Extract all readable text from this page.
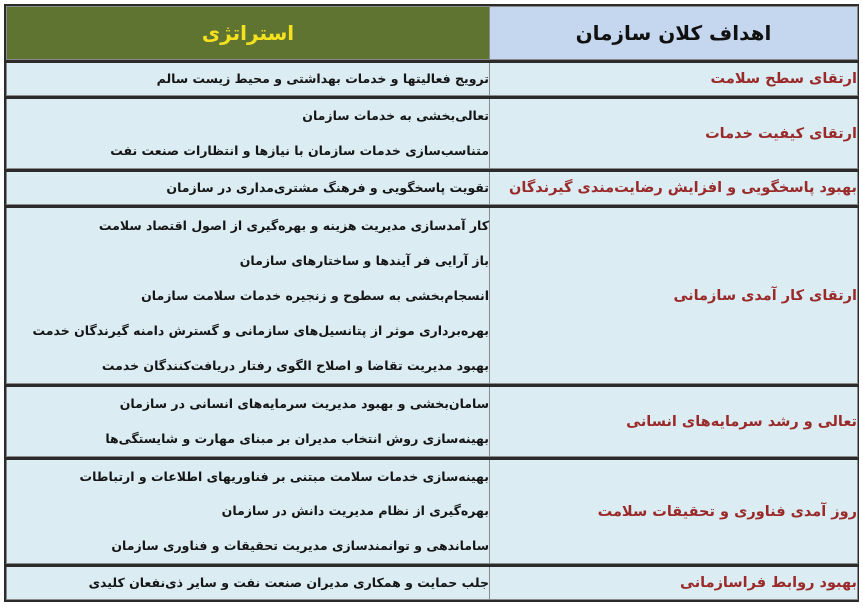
اهداف کلان سازمان	استراتژی

ارتقای سطح سلامت	ترویج فعالیتها و خدمات بهداشتی و محیط زیست سالم

ارتقای کیفیت خدمات	تعالی‌بخشی به خدمات سازمان
متناسب‌سازی خدمات سازمان با نیازها و انتظارات صنعت نفت

بهبود پاسخگویی و افزایش رضایت‌مندی گیرندگان	تقویت پاسخگویی و فرهنگ مشتری‌مداری در سازمان

ارتقای کار آمدی سازمانی	کار آمدسازی مدیریت هزینه و بهره‌گیری از اصول اقتصاد سلامت
باز آرایی فر آیندها و ساختارهای سازمان
انسجام‌بخشی به سطوح و زنجیره خدمات سلامت سازمان
بهره‌برداری موثر از پتانسیل‌های سازمانی و گسترش دامنه گیرندگان خدمت
بهبود مدیریت تقاضا و اصلاح الگوی رفتار دریافت‌کنندگان خدمت

تعالی و رشد سرمایه‌های انسانی	سامان‌بخشی و بهبود مدیریت سرمایه‌های انسانی در سازمان
بهینه‌سازی روش انتخاب مدیران بر مبنای مهارت و شایستگی‌ها

روز آمدی فناوری و تحقیقات سلامت	بهینه‌سازی خدمات سلامت مبتنی بر فناوریهای اطلاعات و ارتباطات
بهره‌گیری از نظام مدیریت دانش در سازمان
ساماندهی و توانمندسازی مدیریت تحقیقات و فناوری سازمان

بهبود روابط فراسازمانی	جلب حمایت و همکاری مدیران صنعت نفت و سایر ذی‌نفعان کلیدی
